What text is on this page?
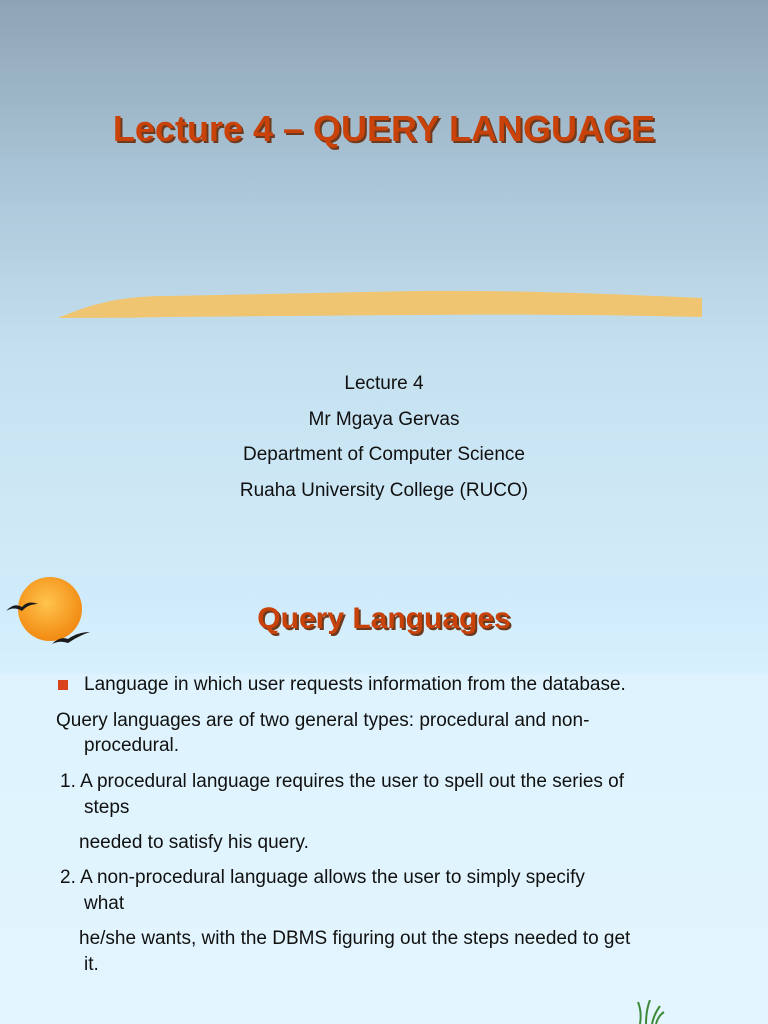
Lecture 4 – QUERY LANGUAGE
Lecture 4
Mr Mgaya Gervas
Department of Computer Science
Ruaha University College (RUCO)
Query Languages
Language in which user requests information from the database.
Query languages are of two general types: procedural and non-
procedural.
1. A procedural language requires the user to spell out the series of
steps
needed to satisfy his query.
2. A non-procedural language allows the user to simply specify
what
he/she wants, with the DBMS figuring out the steps needed to get
it.
